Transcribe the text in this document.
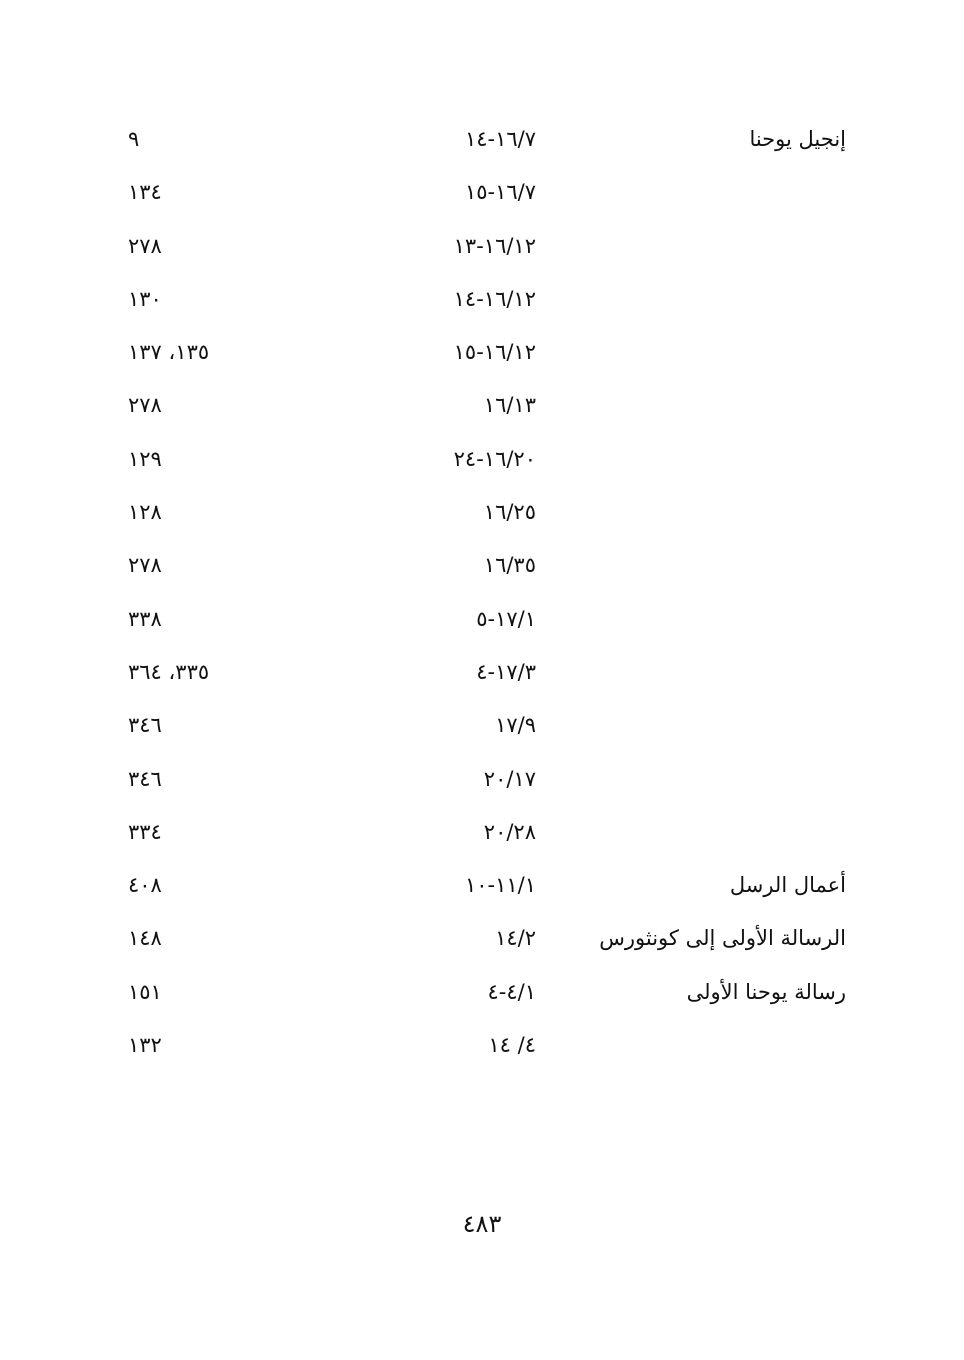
إنجيل يوحنا
١٦/٧-١٤
٩
١٦/٧-١٥
١٣٤
١٦/١٢-١٣
٢٧٨
١٦/١٢-١٤
١٣٠
١٦/١٢-١٥
١٣٥، ١٣٧
١٦/١٣
٢٧٨
١٦/٢٠-٢٤
١٢٩
١٦/٢٥
١٢٨
١٦/٣٥
٢٧٨
١٧/١-٥
٣٣٨
١٧/٣-٤
٣٣٥، ٣٦٤
١٧/٩
٣٤٦
٢٠/١٧
٣٤٦
٢٠/٢٨
٣٣٤
أعمال الرسل
١١/١-١٠
٤٠٨
الرسالة الأولى إلى كونثورس
١٤/٢
١٤٨
رسالة يوحنا الأولى
٤/١-٤
١٥١
٤/ ١٤
١٣٢
٤٨٣
